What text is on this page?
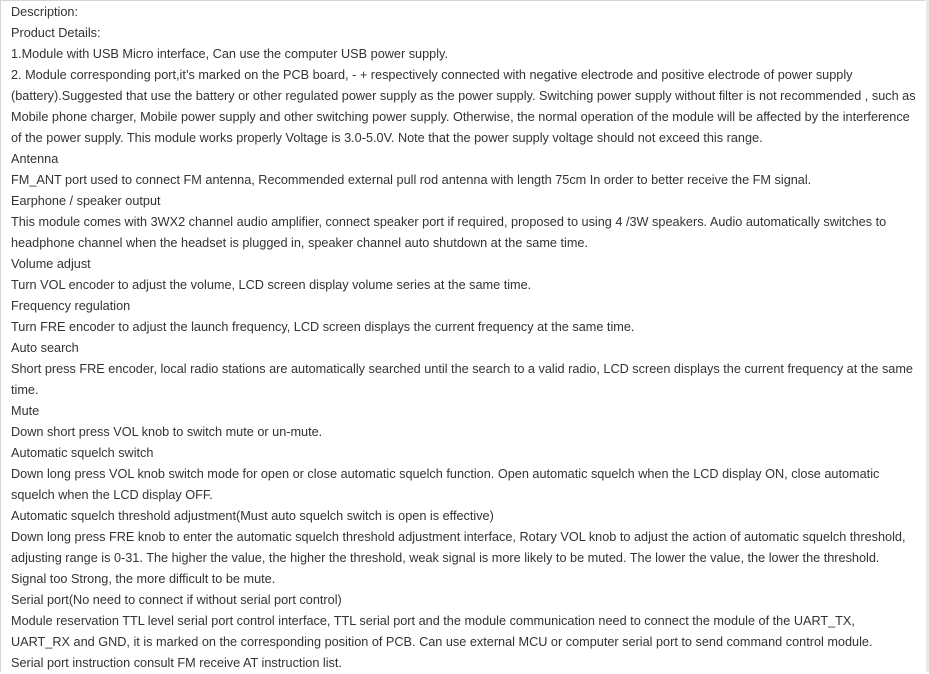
Description:

Product Details:

1.Module with USB Micro interface, Can use the computer USB power supply.

2. Module corresponding port,it’s marked on the PCB board, - + respectively connected with negative electrode and positive electrode of power supply (battery).Suggested that use the battery or other regulated power supply as the power supply. Switching power supply without filter is not recommended , such as Mobile phone charger, Mobile power supply and other switching power supply. Otherwise, the normal operation of the module will be affected by the interference of the power supply. This module works properly Voltage is 3.0-5.0V. Note that the power supply voltage should not exceed this range.

Antenna

FM_ANT port used to connect FM antenna, Recommended external pull rod antenna with length 75cm In order to better receive the FM signal.

Earphone / speaker output

This module comes with 3WX2 channel audio amplifier, connect speaker port if required, proposed to using 4 /3W speakers. Audio automatically switches to headphone channel when the headset is plugged in, speaker channel auto shutdown at the same time.

Volume adjust

Turn VOL encoder to adjust the volume, LCD screen display volume series at the same time.

Frequency regulation

Turn FRE encoder to adjust the launch frequency, LCD screen displays the current frequency at the same time.

Auto search

Short press FRE encoder, local radio stations are automatically searched until the search to a valid radio, LCD screen displays the current frequency at the same time.

Mute

Down short press VOL knob to switch mute or un-mute.

Automatic squelch switch

Down long press VOL knob switch mode for open or close automatic squelch function. Open automatic squelch when the LCD display ON, close automatic squelch when the LCD display OFF.

Automatic squelch threshold adjustment(Must auto squelch switch is open is effective)

Down long press FRE knob to enter the automatic squelch threshold adjustment interface, Rotary VOL knob to adjust the action of automatic squelch threshold, adjusting range is 0-31. The higher the value, the higher the threshold, weak signal is more likely to be muted. The lower the value, the lower the threshold. Signal too Strong, the more difficult to be mute.

Serial port(No need to connect if without serial port control)

Module reservation TTL level serial port control interface, TTL serial port and the module communication need to connect the module of the UART_TX, UART_RX and GND, it is marked on the corresponding position of PCB. Can use external MCU or computer serial port to send command control module.

Serial port instruction consult FM receive AT instruction list.
